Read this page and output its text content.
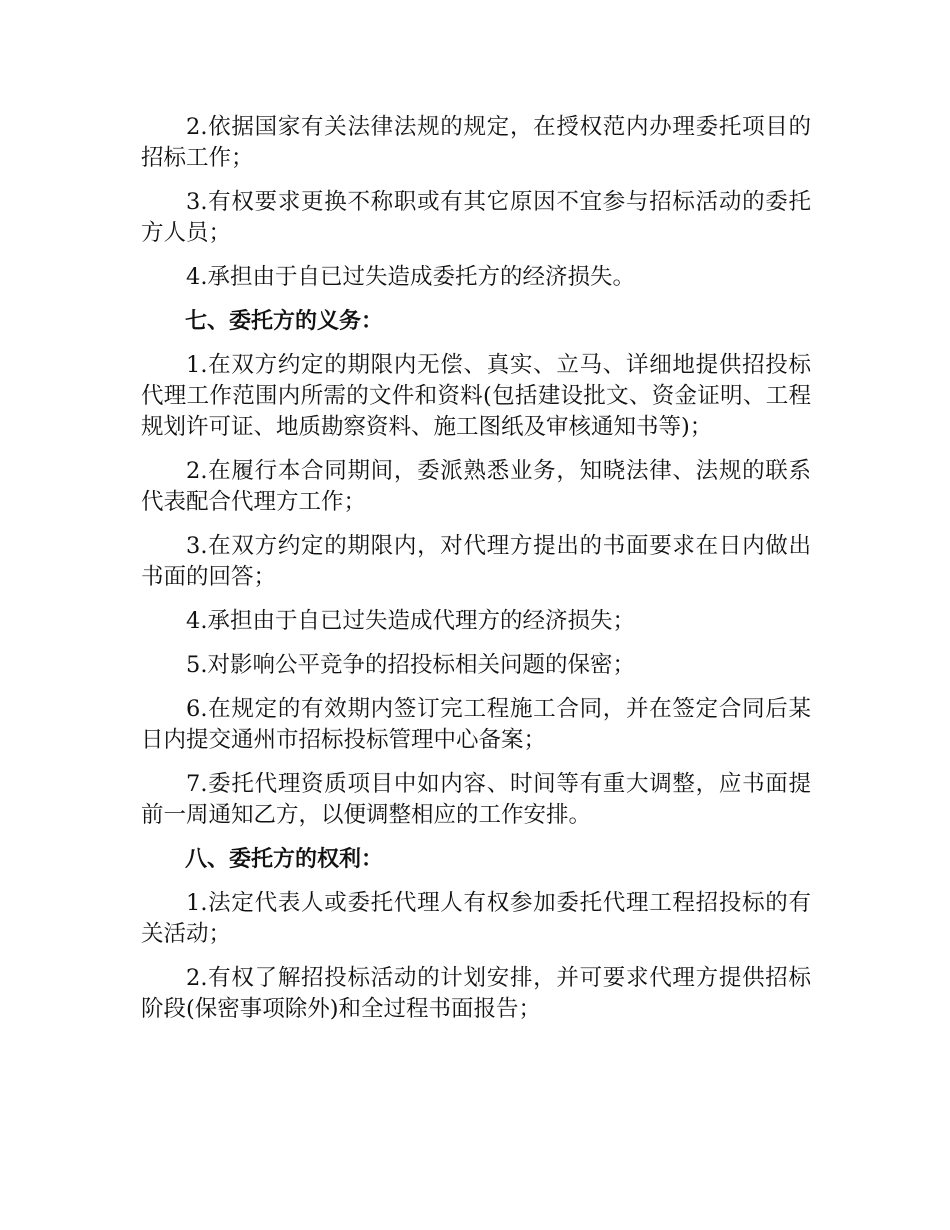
2.依据国家有关法律法规的规定，在授权范内办理委托项目的招标工作；

3.有权要求更换不称职或有其它原因不宜参与招标活动的委托方人员；

4.承担由于自已过失造成委托方的经济损失。

七、委托方的义务：

1.在双方约定的期限内无偿、真实、立马、详细地提供招投标代理工作范围内所需的文件和资料(包括建设批文、资金证明、工程规划许可证、地质勘察资料、施工图纸及审核通知书等)；

2.在履行本合同期间，委派熟悉业务，知晓法律、法规的联系代表配合代理方工作；

3.在双方约定的期限内，对代理方提出的书面要求在日内做出书面的回答；

4.承担由于自已过失造成代理方的经济损失；

5.对影响公平竞争的招投标相关问题的保密；

6.在规定的有效期内签订完工程施工合同，并在签定合同后某日内提交通州市招标投标管理中心备案；

7.委托代理资质项目中如内容、时间等有重大调整，应书面提前一周通知乙方，以便调整相应的工作安排。

八、委托方的权利：

1.法定代表人或委托代理人有权参加委托代理工程招投标的有关活动；

2.有权了解招投标活动的计划安排，并可要求代理方提供招标阶段(保密事项除外)和全过程书面报告；
